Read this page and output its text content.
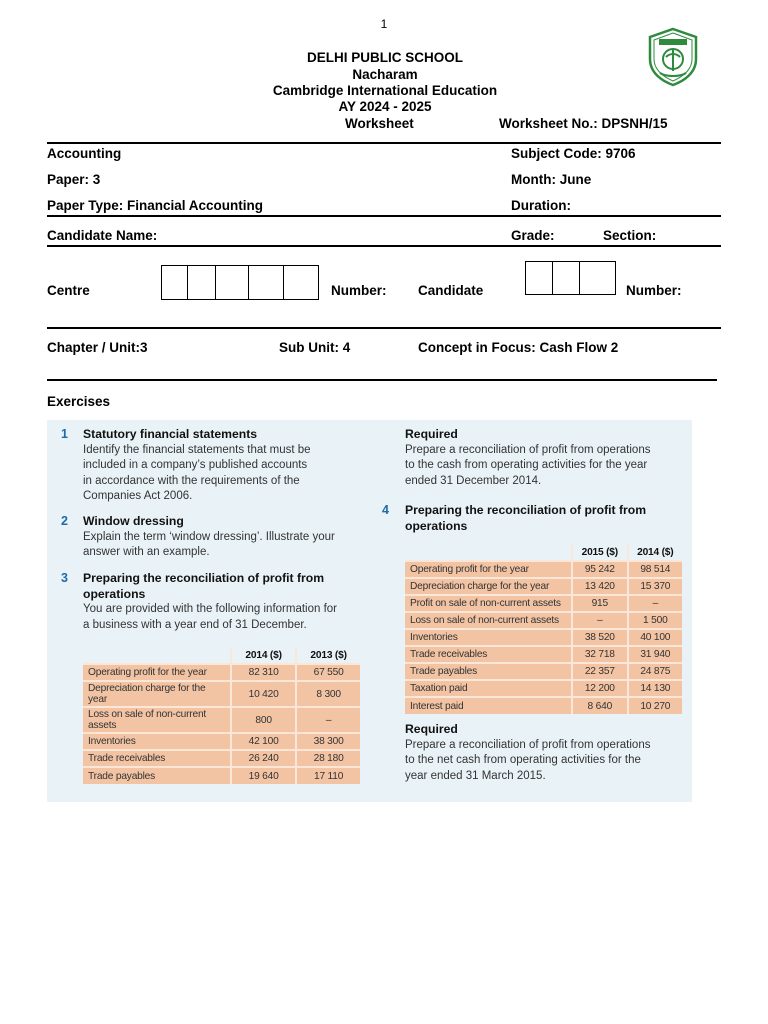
1
DELHI PUBLIC SCHOOL
Nacharam
Cambridge International Education
AY 2024 - 2025
Worksheet	Worksheet No.: DPSNH/15
Accounting	Subject Code: 9706
Paper: 3	Month: June
Paper Type: Financial Accounting	Duration:
Candidate Name:	Grade:	Section:
Centre	Number: Candidate	Number:
Chapter / Unit:3	Sub Unit: 4	Concept in Focus: Cash Flow 2
Exercises
1 Statutory financial statements
Identify the financial statements that must be
included in a company’s published accounts
in accordance with the requirements of the
Companies Act 2006.
2 Window dressing
Explain the term ‘window dressing’. Illustrate your
answer with an example.
3 Preparing the reconciliation of profit from
operations
You are provided with the following information for
a business with a year end of 31 December.
	2014 ($)	2013 ($)
Operating profit for the year	82 310	67 550
Depreciation charge for the year	10 420	8 300
Loss on sale of non-current assets	800	–
Inventories	42 100	38 300
Trade receivables	26 240	28 180
Trade payables	19 640	17 110
Required
Prepare a reconciliation of profit from operations
to the cash from operating activities for the year
ended 31 December 2014.
4 Preparing the reconciliation of profit from
operations
	2015 ($)	2014 ($)
Operating profit for the year	95 242	98 514
Depreciation charge for the year	13 420	15 370
Profit on sale of non-current assets	915	–
Loss on sale of non-current assets	–	1 500
Inventories	38 520	40 100
Trade receivables	32 718	31 940
Trade payables	22 357	24 875
Taxation paid	12 200	14 130
Interest paid	8 640	10 270
Required
Prepare a reconciliation of profit from operations
to the net cash from operating activities for the
year ended 31 March 2015.
